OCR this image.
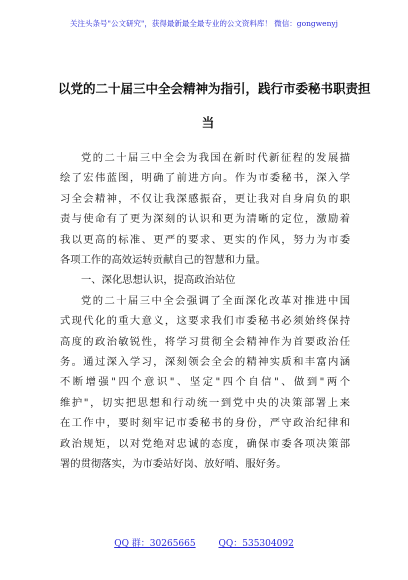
关注头条号"公文研究"，获得最新最全最专业的公文资料库！ 微信：gongwenyj
以党的二十届三中全会精神为指引，践行市委秘书职责担
当
党的二十届三中全会为我国在新时代新征程的发展描
绘了宏伟蓝图，明确了前进方向。作为市委秘书，深入学
习全会精神，不仅让我深感振奋，更让我对自身肩负的职
责与使命有了更为深刻的认识和更为清晰的定位，激励着
我以更高的标准、更严的要求、更实的作风，努力为市委
各项工作的高效运转贡献自己的智慧和力量。
一、深化思想认识，提高政治站位
党的二十届三中全会强调了全面深化改革对推进中国
式现代化的重大意义，这要求我们市委秘书必须始终保持
高度的政治敏锐性，将学习贯彻全会精神作为首要政治任
务。通过深入学习，深刻领会全会的精神实质和丰富内涵
不断增强"四个意识"、坚定"四个自信"、做到"两个
维护"，切实把思想和行动统一到党中央的决策部署上来
在工作中，要时刻牢记市委秘书的身份，严守政治纪律和
政治规矩，以对党绝对忠诚的态度，确保市委各项决策部
署的贯彻落实，为市委站好岗、放好哨、服好务。
QQ 群：30265665	QQ：535304092
